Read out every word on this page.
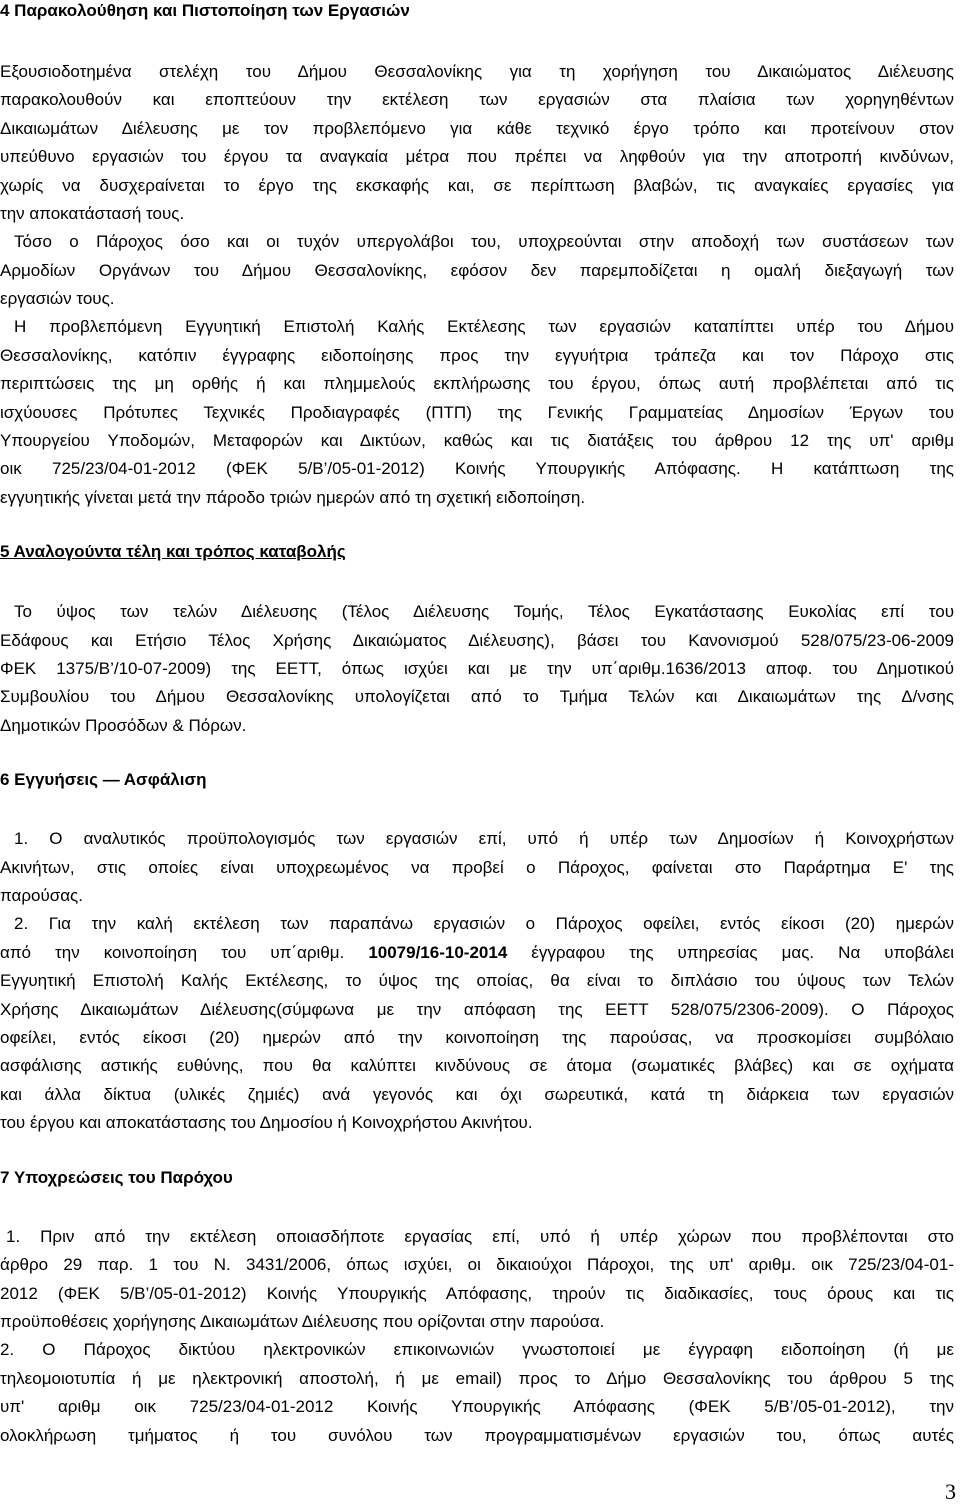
4 Παρακολούθηση και Πιστοποίηση των Εργασιών
Εξουσιοδοτημένα στελέχη του Δήμου Θεσσαλονίκης για τη χορήγηση του Δικαιώματος Διέλευσης
παρακολουθούν και εποπτεύουν την εκτέλεση των εργασιών στα πλαίσια των χορηγηθέντων
Δικαιωμάτων Διέλευσης με τον προβλεπόμενο για κάθε τεχνικό έργο τρόπο και προτείνουν στον
υπεύθυνο εργασιών του έργου τα αναγκαία μέτρα που πρέπει να ληφθούν για την αποτροπή κινδύνων,
χωρίς να δυσχεραίνεται το έργο της εκσκαφής και, σε περίπτωση βλαβών, τις αναγκαίες εργασίες για
την αποκατάστασή τους.
Τόσο ο Πάροχος όσο και οι τυχόν υπεργολάβοι του, υποχρεούνται στην αποδοχή των συστάσεων των
Αρμοδίων Οργάνων του Δήμου Θεσσαλονίκης, εφόσον δεν παρεμποδίζεται η ομαλή διεξαγωγή των
εργασιών τους.
Η προβλεπόμενη Εγγυητική Επιστολή Καλής Εκτέλεσης των εργασιών καταπίπτει υπέρ του Δήμου
Θεσσαλονίκης, κατόπιν έγγραφης ειδοποίησης προς την εγγυήτρια τράπεζα και τον Πάροχο στις
περιπτώσεις της μη ορθής ή και πλημμελούς εκπλήρωσης του έργου, όπως αυτή προβλέπεται από τις
ισχύουσες Πρότυπες Τεχνικές Προδιαγραφές (ΠΤΠ) της Γενικής Γραμματείας Δημοσίων Έργων του
Υπουργείου Υποδομών, Μεταφορών και Δικτύων, καθώς και τις διατάξεις του άρθρου 12 της υπ' αριθμ
οικ 725/23/04-01-2012 (ΦΕΚ 5/Β’/05-01-2012) Κοινής Υπουργικής Απόφασης. Η κατάπτωση της
εγγυητικής γίνεται μετά την πάροδο τριών ημερών από τη σχετική ειδοποίηση.
5 Αναλογούντα τέλη και τρόπος καταβολής
Το ύψος των τελών Διέλευσης (Τέλος Διέλευσης Τομής, Τέλος Εγκατάστασης Ευκολίας επί του
Εδάφους και Ετήσιο Τέλος Χρήσης Δικαιώματος Διέλευσης), βάσει του Κανονισμού 528/075/23-06-2009
ΦΕΚ 1375/Β’/10-07-2009) της ΕΕΤΤ, όπως ισχύει και με την υπ΄αριθμ.1636/2013 αποφ. του Δημοτικού
Συμβουλίου του Δήμου Θεσσαλονίκης υπολογίζεται από το Τμήμα Τελών και Δικαιωμάτων της Δ/νσης
Δημοτικών Προσόδων & Πόρων.
6 Εγγυήσεις — Ασφάλιση
1. Ο αναλυτικός προϋπολογισμός των εργασιών επί, υπό ή υπέρ των Δημοσίων ή Κοινοχρήστων
Ακινήτων, στις οποίες είναι υποχρεωμένος να προβεί ο Πάροχος, φαίνεται στο Παράρτημα Ε' της
παρούσας.
2. Για την καλή εκτέλεση των παραπάνω εργασιών ο Πάροχος οφείλει, εντός είκοσι (20) ημερών
από την κοινοποίηση του υπ΄αριθμ. 10079/16-10-2014 έγγραφου της υπηρεσίας μας. Να υποβάλει
Εγγυητική Επιστολή Καλής Εκτέλεσης, το ύψος της οποίας, θα είναι το διπλάσιο του ύψους των Τελών
Χρήσης Δικαιωμάτων Διέλευσης(σύμφωνα με την απόφαση της ΕΕΤΤ 528/075/2306-2009). Ο Πάροχος
οφείλει, εντός είκοσι (20) ημερών από την κοινοποίηση της παρούσας, να προσκομίσει συμβόλαιο
ασφάλισης αστικής ευθύνης, που θα καλύπτει κινδύνους σε άτομα (σωματικές βλάβες) και σε οχήματα
και άλλα δίκτυα (υλικές ζημιές) ανά γεγονός και όχι σωρευτικά, κατά τη διάρκεια των εργασιών
του έργου και αποκατάστασης του Δημοσίου ή Κοινοχρήστου Ακινήτου.
7 Υποχρεώσεις του Παρόχου
1. Πριν από την εκτέλεση οποιασδήποτε εργασίας επί, υπό ή υπέρ χώρων που προβλέπονται στο
άρθρο 29 παρ. 1 του Ν. 3431/2006, όπως ισχύει, οι δικαιούχοι Πάροχοι, της υπ' αριθμ. οικ 725/23/04-01-
2012 (ΦΕΚ 5/Β’/05-01-2012) Κοινής Υπουργικής Απόφασης, τηρούν τις διαδικασίες, τους όρους και τις
προϋποθέσεις χορήγησης Δικαιωμάτων Διέλευσης που ορίζονται στην παρούσα.
2. Ο Πάροχος δικτύου ηλεκτρονικών επικοινωνιών γνωστοποιεί με έγγραφη ειδοποίηση (ή με
τηλεομοιοτυπία ή με ηλεκτρονική αποστολή, ή με email) προς το Δήμο Θεσσαλονίκης του άρθρου 5 της
υπ' αριθμ οικ 725/23/04-01-2012 Κοινής Υπουργικής Απόφασης (ΦΕΚ 5/Β’/05-01-2012), την
ολοκλήρωση τμήματος ή του συνόλου των προγραμματισμένων εργασιών του, όπως αυτές
3
